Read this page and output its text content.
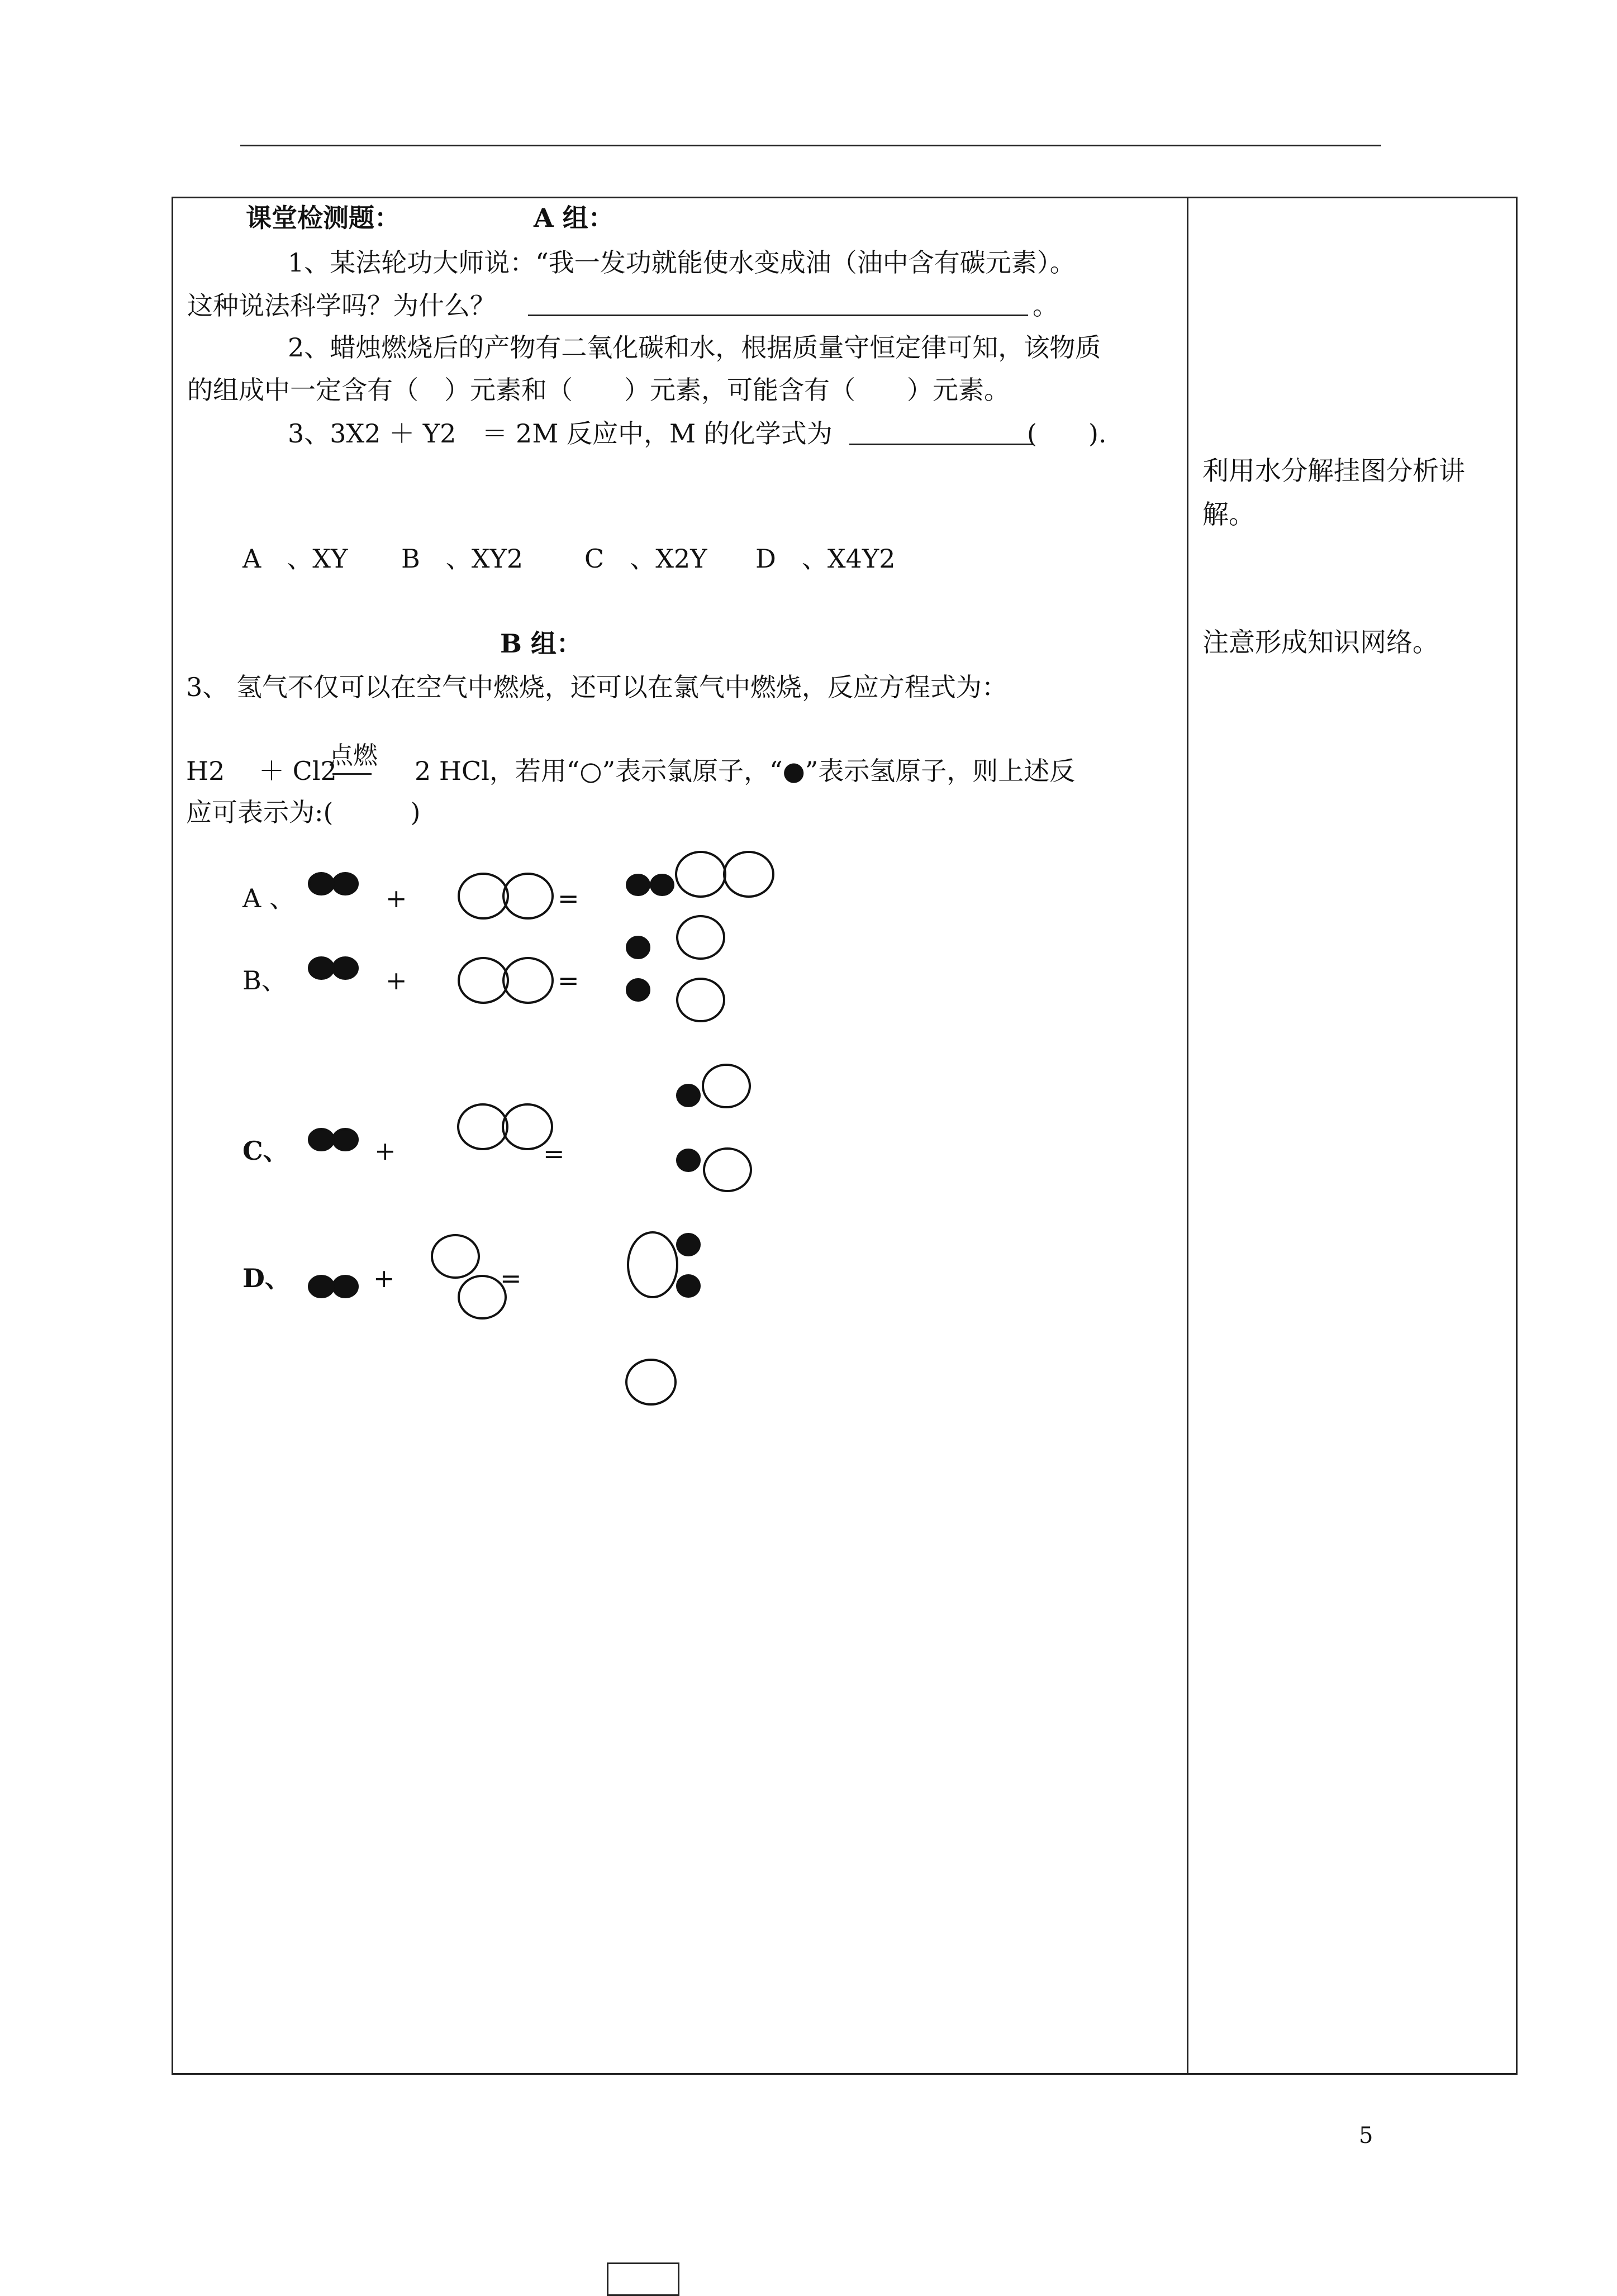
课堂检测题：	A 组：
1、某法轮功大师说：“我一发功就能使水变成油（油中含有碳元素）。
这种说法科学吗？为什么？	。
2、蜡烛燃烧后的产物有二氧化碳和水，根据质量守恒定律可知，该物质
的组成中一定含有（　）元素和（　　）元素，可能含有（　　）元素。
3、3X2 ＋ Y2　＝ 2M 反应中，M 的化学式为	(　　).
A　、XY B　、XY2 C　、X2Y D　、X4Y2
B 组：
3、 氢气不仅可以在空气中燃烧，还可以在氯气中燃烧，反应方程式为：
H2　 ＋ Cl2
点燃
2 HCl，若用“○”表示氯原子，“●”表示氢原子，则上述反
应可表示为:(　　　)
A 、
B、
C、
D、
+	=
+	=
+	=
+	=
利用水分解挂图分析讲解。
注意形成知识网络。
5
